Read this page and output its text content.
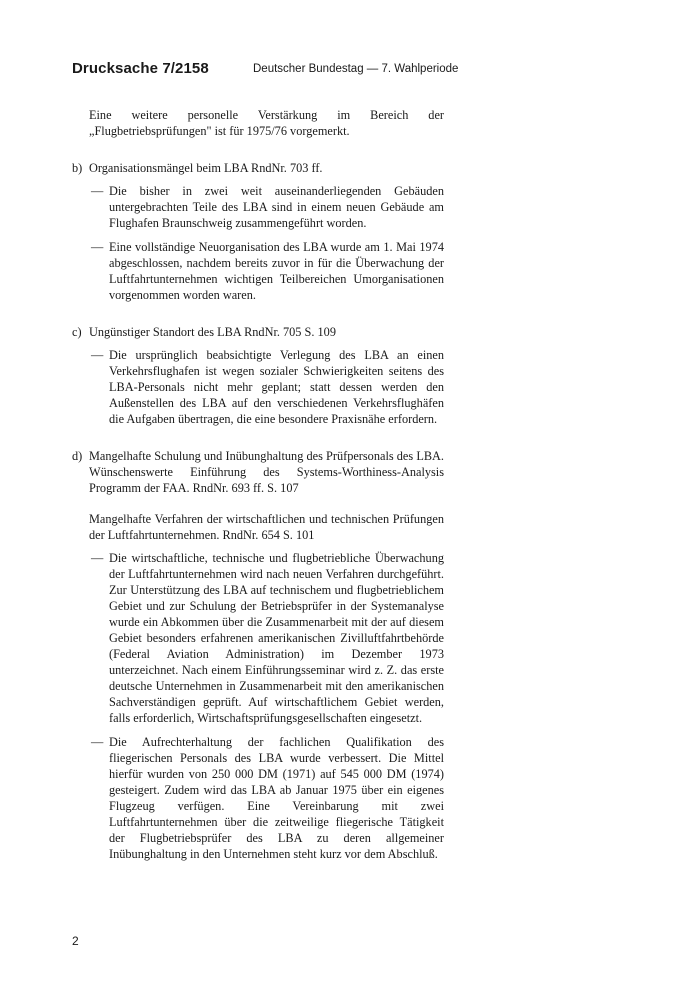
Drucksache 7/2158	Deutscher Bundestag — 7. Wahlperiode

Eine weitere personelle Verstärkung im Bereich der „Flugbetriebsprüfungen" ist für 1975/76 vorgemerkt.

b) Organisationsmängel beim LBA RndNr. 703 ff.
— Die bisher in zwei weit auseinanderliegenden Gebäuden untergebrachten Teile des LBA sind in einem neuen Gebäude am Flughafen Braunschweig zusammengeführt worden.
— Eine vollständige Neuorganisation des LBA wurde am 1. Mai 1974 abgeschlossen, nachdem bereits zuvor in für die Überwachung der Luftfahrtunternehmen wichtigen Teilbereichen Umorganisationen vorgenommen worden waren.
c) Ungünstiger Standort des LBA RndNr. 705 S. 109
— Die ursprünglich beabsichtigte Verlegung des LBA an einen Verkehrsflughafen ist wegen sozialer Schwierigkeiten seitens des LBA-Personals nicht mehr geplant; statt dessen werden den Außenstellen des LBA auf den verschiedenen Verkehrsflughäfen die Aufgaben übertragen, die eine besondere Praxisnähe erfordern.
d) Mangelhafte Schulung und Inübunghaltung des Prüfpersonals des LBA. Wünschenswerte Einführung des Systems-Worthiness-Analysis Programm der FAA. RndNr. 693 ff. S. 107
Mangelhafte Verfahren der wirtschaftlichen und technischen Prüfungen der Luftfahrtunternehmen. RndNr. 654 S. 101
— Die wirtschaftliche, technische und flugbetriebliche Überwachung der Luftfahrtunternehmen wird nach neuen Verfahren durchgeführt. Zur Unterstützung des LBA auf technischem und flugbetrieblichem Gebiet und zur Schulung der Betriebsprüfer in der Systemanalyse wurde ein Abkommen über die Zusammenarbeit mit der auf diesem Gebiet besonders erfahrenen amerikanischen Zivilluftfahrtbehörde (Federal Aviation Administration) im Dezember 1973 unterzeichnet. Nach einem Einführungsseminar wird z. Z. das erste deutsche Unternehmen in Zusammenarbeit mit den amerikanischen Sachverständigen geprüft. Auf wirtschaftlichem Gebiet werden, falls erforderlich, Wirtschaftsprüfungsgesellschaften eingesetzt.
— Die Aufrechterhaltung der fachlichen Qualifikation des fliegerischen Personals des LBA wurde verbessert. Die Mittel hierfür wurden von 250 000 DM (1971) auf 545 000 DM (1974) gesteigert. Zudem wird das LBA ab Januar 1975 über ein eigenes Flugzeug verfügen. Eine Vereinbarung mit zwei Luftfahrtunternehmen über die zeitweilige fliegerische Tätigkeit der Flugbetriebsprüfer des LBA zu deren allgemeiner Inübunghaltung in den Unternehmen steht kurz vor dem Abschluß.
2
